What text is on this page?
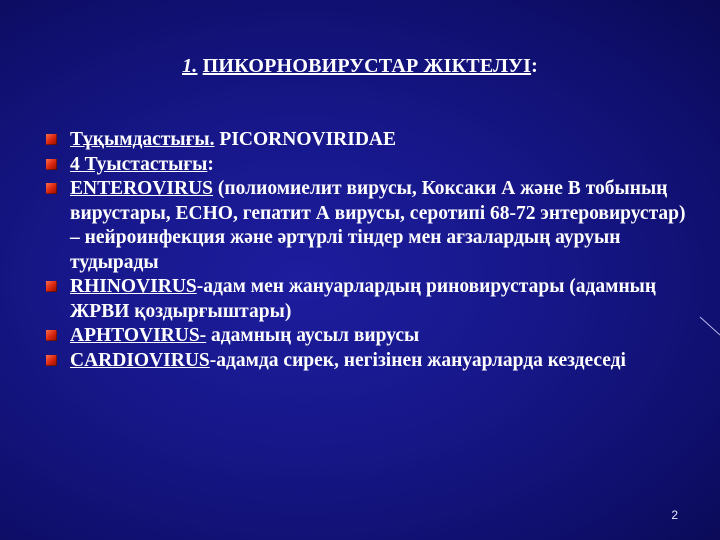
1. ПИКОРНОВИРУСТАР ЖІКТЕЛУІ:
Тұқымдастығы. PICORNOVIRIDAE
4 Туыстастығы:
ENTEROVIRUS (полиомиелит вирусы, Коксаки А және В тобының вирустары, ЕСНО, гепатит А вирусы, серотипі 68-72 энтеровирустар) – нейроинфекция және әртүрлі тіндер мен ағзалардың ауруын тудырады
RHINOVIRUS-адам мен жануарлардың риновирустары (адамның ЖРВИ қоздырғыштары)
APHTOVIRUS- адамның аусыл вирусы
CARDIOVIRUS-адамда сирек, негізінен жануарларда кездеседі
2
